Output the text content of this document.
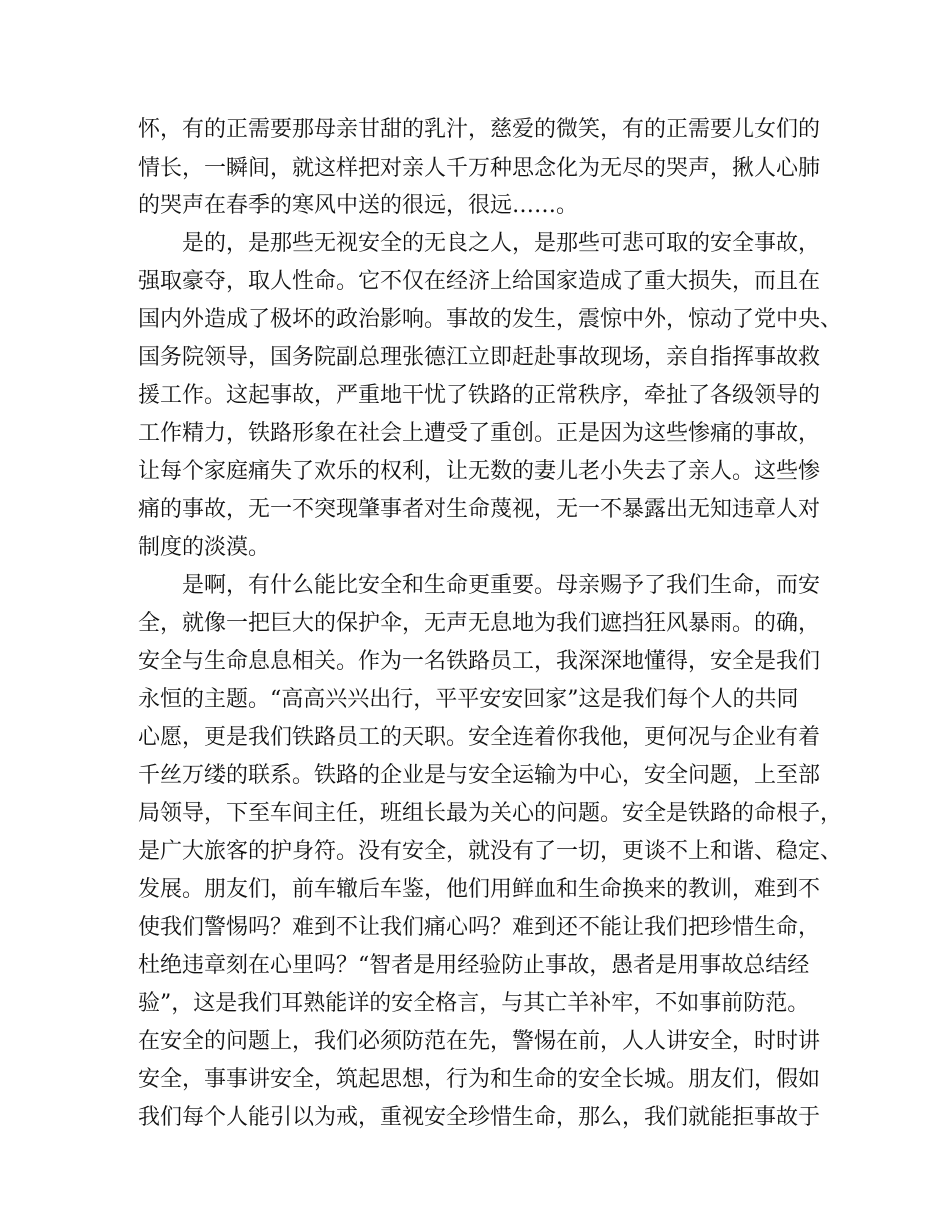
怀，有的正需要那母亲甘甜的乳汁，慈爱的微笑，有的正需要儿女们的
情长，一瞬间，就这样把对亲人千万种思念化为无尽的哭声，揪人心肺
的哭声在春季的寒风中送的很远，很远……。
是的，是那些无视安全的无良之人，是那些可悲可取的安全事故，
强取豪夺，取人性命。它不仅在经济上给国家造成了重大损失，而且在
国内外造成了极坏的政治影响。事故的发生，震惊中外，惊动了党中央、
国务院领导，国务院副总理张德江立即赶赴事故现场，亲自指挥事故救
援工作。这起事故，严重地干忧了铁路的正常秩序，牵扯了各级领导的
工作精力，铁路形象在社会上遭受了重创。正是因为这些惨痛的事故，
让每个家庭痛失了欢乐的权利，让无数的妻儿老小失去了亲人。这些惨
痛的事故，无一不突现肇事者对生命蔑视，无一不暴露出无知违章人对
制度的淡漠。
是啊，有什么能比安全和生命更重要。母亲赐予了我们生命，而安
全，就像一把巨大的保护伞，无声无息地为我们遮挡狂风暴雨。的确，
安全与生命息息相关。作为一名铁路员工，我深深地懂得，安全是我们
永恒的主题。“高高兴兴出行，平平安安回家”这是我们每个人的共同
心愿，更是我们铁路员工的天职。安全连着你我他，更何况与企业有着
千丝万缕的联系。铁路的企业是与安全运输为中心，安全问题，上至部
局领导，下至车间主任，班组长最为关心的问题。安全是铁路的命根子，
是广大旅客的护身符。没有安全，就没有了一切，更谈不上和谐、稳定、
发展。朋友们，前车辙后车鉴，他们用鲜血和生命换来的教训，难到不
使我们警惕吗？难到不让我们痛心吗？难到还不能让我们把珍惜生命，
杜绝违章刻在心里吗？“智者是用经验防止事故，愚者是用事故总结经
验”，这是我们耳熟能详的安全格言，与其亡羊补牢，不如事前防范。
在安全的问题上，我们必须防范在先，警惕在前，人人讲安全，时时讲
安全，事事讲安全，筑起思想，行为和生命的安全长城。朋友们，假如
我们每个人能引以为戒，重视安全珍惜生命，那么，我们就能拒事故于
